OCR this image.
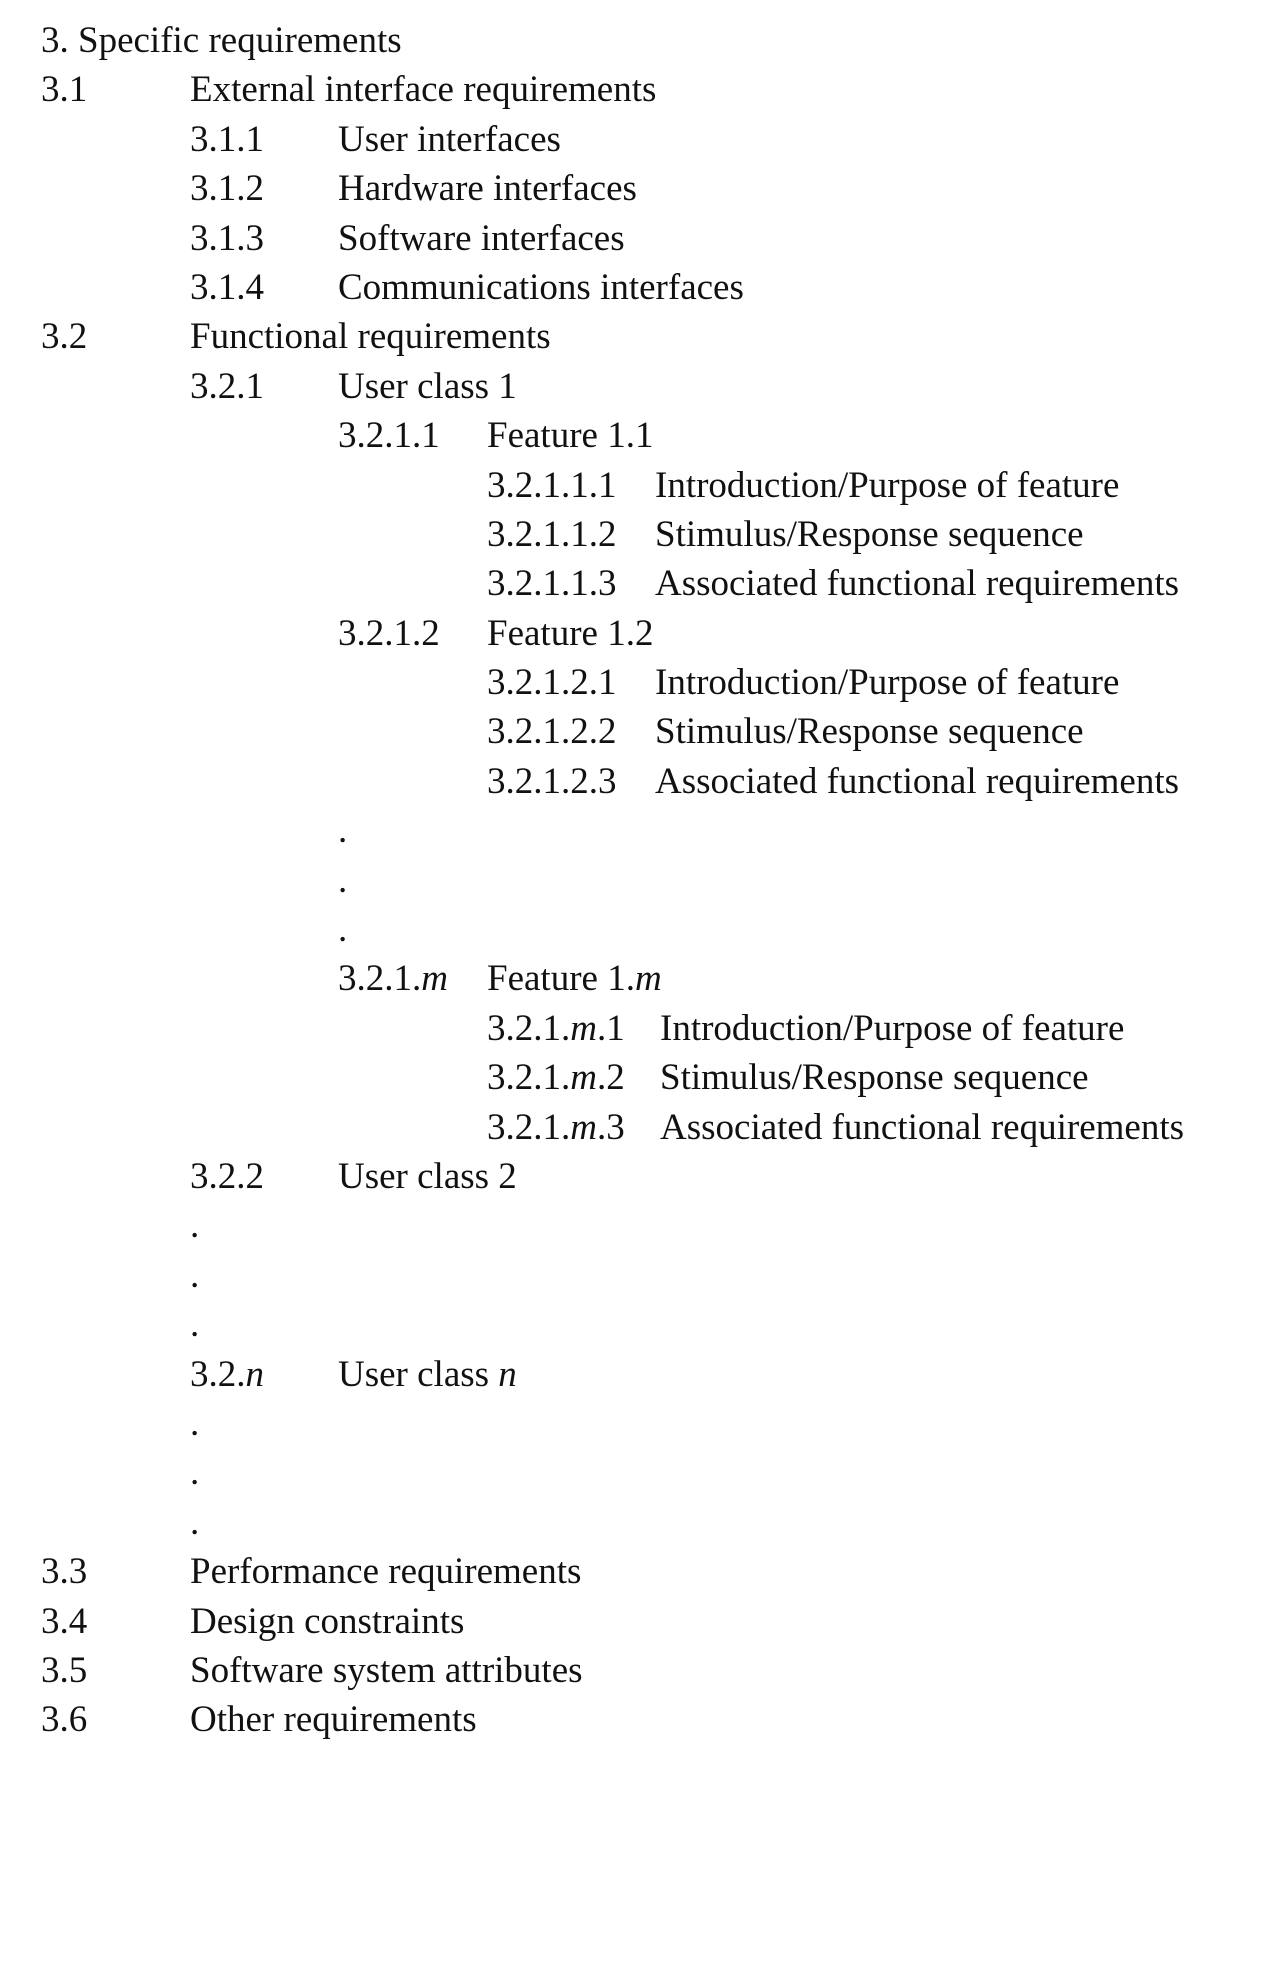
3. Specific requirements
3.1	External interface requirements
3.1.1 User interfaces
3.1.2 Hardware interfaces
3.1.3 Software interfaces
3.1.4 Communications interfaces
3.2	Functional requirements
3.2.1 User class 1
3.2.1.1 Feature 1.1
3.2.1.1.1 Introduction/Purpose of feature
3.2.1.1.2 Stimulus/Response sequence
3.2.1.1.3 Associated functional requirements
3.2.1.2 Feature 1.2
3.2.1.2.1 Introduction/Purpose of feature
3.2.1.2.2 Stimulus/Response sequence
3.2.1.2.3 Associated functional requirements
.
.
.
3.2.1.m Feature 1.m
3.2.1.m.1 Introduction/Purpose of feature
3.2.1.m.2 Stimulus/Response sequence
3.2.1.m.3 Associated functional requirements
3.2.2 User class 2
.
.
.
3.2.n User class n
.
.
.
3.3	Performance requirements
3.4	Design constraints
3.5	Software system attributes
3.6	Other requirements
